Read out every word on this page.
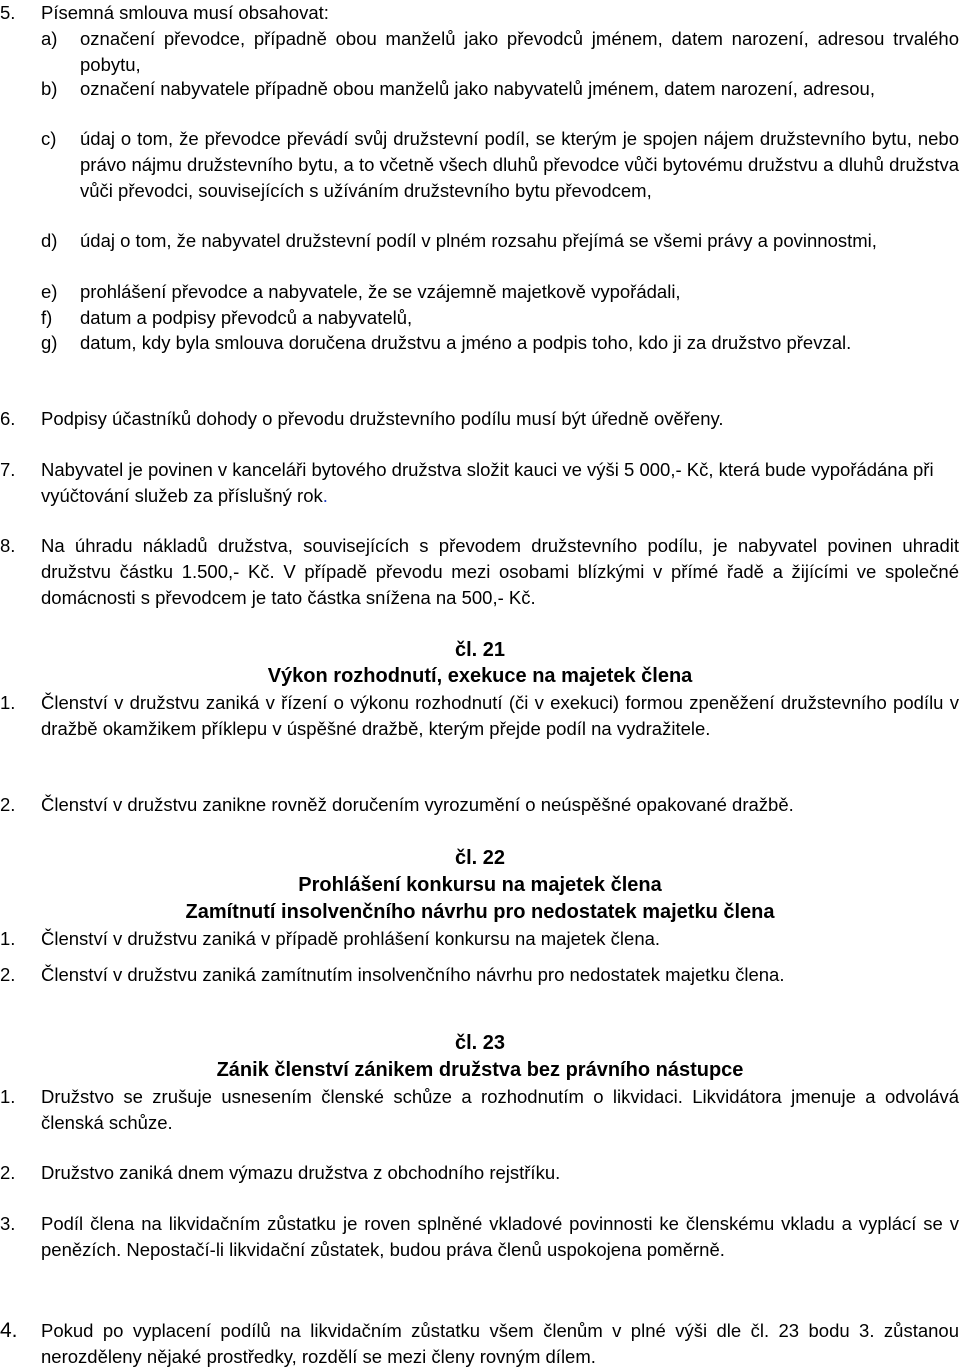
5.	Písemná smlouva musí obsahovat:
a)	označení převodce, případně obou manželů jako převodců jménem, datem narození, adresou trvalého pobytu,
b)	označení nabyvatele případně obou manželů jako nabyvatelů jménem, datem narození, adresou,
c)	údaj o tom, že převodce převádí svůj družstevní podíl, se kterým je spojen nájem družstevního bytu, nebo právo nájmu družstevního bytu, a to včetně všech dluhů převodce vůči bytovému družstvu a dluhů družstva vůči převodci, souvisejících s užíváním družstevního bytu převodcem,
d)	údaj o tom, že nabyvatel družstevní podíl v plném rozsahu přejímá se všemi právy a povinnostmi,
e)	prohlášení převodce a nabyvatele, že se vzájemně majetkově vypořádali,
f)	datum a podpisy převodců a nabyvatelů,
g)	datum, kdy byla smlouva doručena družstvu a jméno a podpis toho, kdo ji za družstvo převzal.
6.	Podpisy účastníků dohody o převodu družstevního podílu musí být úředně ověřeny.
7.	Nabyvatel je povinen v kanceláři bytového družstva složit kauci ve výši 5 000,- Kč, která bude vypořádána při vyúčtování služeb za příslušný rok.
8.	Na úhradu nákladů družstva, souvisejících s převodem družstevního podílu, je nabyvatel povinen uhradit družstvu částku 1.500,- Kč. V případě převodu mezi osobami blízkými v přímé řadě a žijícími ve společné domácnosti s převodcem je tato částka snížena na 500,- Kč.
čl. 21
Výkon rozhodnutí, exekuce na majetek člena
1.	Členství v družstvu zaniká v řízení o výkonu rozhodnutí (či v exekuci) formou zpeněžení družstevního podílu v dražbě okamžikem příklepu v úspěšné dražbě, kterým přejde podíl na vydražitele.
2.	Členství v družstvu zanikne rovněž doručením vyrozumění o neúspěšné opakované dražbě.
čl. 22
Prohlášení konkursu na majetek člena
Zamítnutí insolvenčního návrhu pro nedostatek majetku člena
1.	Členství v družstvu zaniká v případě prohlášení konkursu na majetek člena.
2.	Členství v družstvu zaniká zamítnutím insolvenčního návrhu pro nedostatek majetku člena.
čl. 23
Zánik členství zánikem družstva bez právního nástupce
1.	Družstvo se zrušuje usnesením členské schůze a rozhodnutím o likvidaci. Likvidátora jmenuje a odvolává členská schůze.
2.	Družstvo zaniká dnem výmazu družstva z obchodního rejstříku.
3.	Podíl člena na likvidačním zůstatku je roven splněné vkladové povinnosti ke členskému vkladu a vyplácí se v penězích. Nepostačí-li likvidační zůstatek, budou práva členů uspokojena poměrně.
4.	Pokud po vyplacení podílů na likvidačním zůstatku všem členům v plné výši dle čl. 23 bodu 3. zůstanou nerozděleny nějaké prostředky, rozdělí se mezi členy rovným dílem.
